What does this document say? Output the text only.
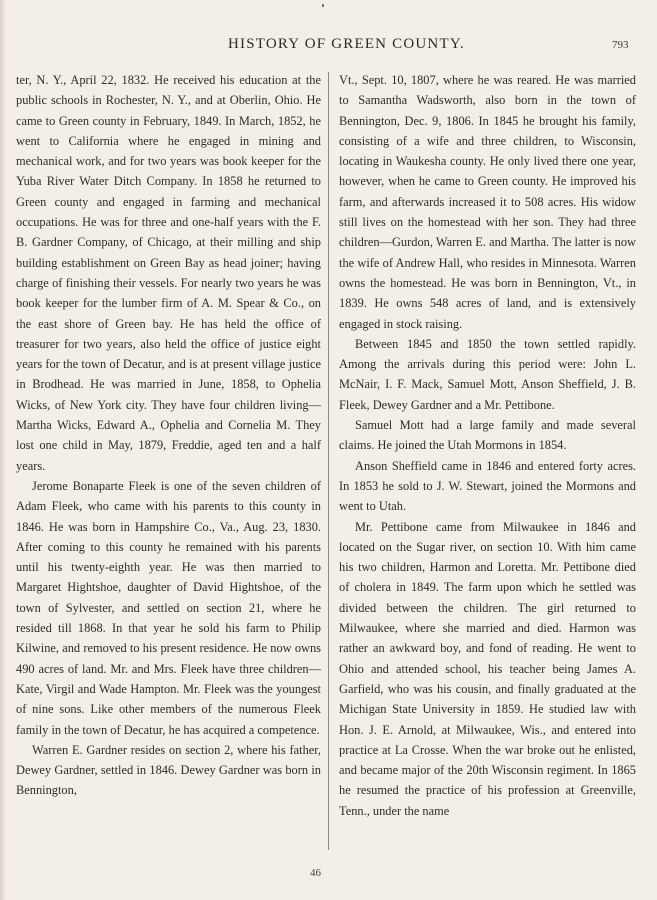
HISTORY OF GREEN COUNTY.	793

ter, N. Y., April 22, 1832. He received his education at the public schools in Rochester, N. Y., and at Oberlin, Ohio. He came to Green county in February, 1849. In March, 1852, he went to California where he engaged in mining and mechanical work, and for two years was book keeper for the Yuba River Water Ditch Company. In 1858 he returned to Green county and engaged in farming and mechanical occupations. He was for three and one-half years with the F. B. Gardner Company, of Chicago, at their milling and ship building establishment on Green Bay as head joiner; having charge of finishing their vessels. For nearly two years he was book keeper for the lumber firm of A. M. Spear & Co., on the east shore of Green bay. He has held the office of treasurer for two years, also held the office of justice eight years for the town of Decatur, and is at present village justice in Brodhead. He was married in June, 1858, to Ophelia Wicks, of New York city. They have four children living—Martha Wicks, Edward A., Ophelia and Cornelia M. They lost one child in May, 1879, Freddie, aged ten and a half years.

Jerome Bonaparte Fleek is one of the seven children of Adam Fleek, who came with his parents to this county in 1846. He was born in Hampshire Co., Va., Aug. 23, 1830. After coming to this county he remained with his parents until his twenty-eighth year. He was then married to Margaret Hightshoe, daughter of David Hightshoe, of the town of Sylvester, and settled on section 21, where he resided till 1868. In that year he sold his farm to Philip Kilwine, and removed to his present residence. He now owns 490 acres of land. Mr. and Mrs. Fleek have three children—Kate, Virgil and Wade Hampton. Mr. Fleek was the youngest of nine sons. Like other members of the numerous Fleek family in the town of Decatur, he has acquired a competence.

Warren E. Gardner resides on section 2, where his father, Dewey Gardner, settled in 1846. Dewey Gardner was born in Bennington,

Vt., Sept. 10, 1807, where he was reared. He was married to Samantha Wadsworth, also born in the town of Bennington, Dec. 9, 1806. In 1845 he brought his family, consisting of a wife and three children, to Wisconsin, locating in Waukesha county. He only lived there one year, however, when he came to Green county. He improved his farm, and afterwards increased it to 508 acres. His widow still lives on the homestead with her son. They had three children—Gurdon, Warren E. and Martha. The latter is now the wife of Andrew Hall, who resides in Minnesota. Warren owns the homestead. He was born in Bennington, Vt., in 1839. He owns 548 acres of land, and is extensively engaged in stock raising.

Between 1845 and 1850 the town settled rapidly. Among the arrivals during this period were: John L. McNair, I. F. Mack, Samuel Mott, Anson Sheffield, J. B. Fleek, Dewey Gardner and a Mr. Pettibone.

Samuel Mott had a large family and made several claims. He joined the Utah Mormons in 1854.

Anson Sheffield came in 1846 and entered forty acres. In 1853 he sold to J. W. Stewart, joined the Mormons and went to Utah.

Mr. Pettibone came from Milwaukee in 1846 and located on the Sugar river, on section 10. With him came his two children, Harmon and Loretta. Mr. Pettibone died of cholera in 1849. The farm upon which he settled was divided between the children. The girl returned to Milwaukee, where she married and died. Harmon was rather an awkward boy, and fond of reading. He went to Ohio and attended school, his teacher being James A. Garfield, who was his cousin, and finally graduated at the Michigan State University in 1859. He studied law with Hon. J. E. Arnold, at Milwaukee, Wis., and entered into practice at La Crosse. When the war broke out he enlisted, and became major of the 20th Wisconsin regiment. In 1865 he resumed the practice of his profession at Greenville, Tenn., under the name

46
